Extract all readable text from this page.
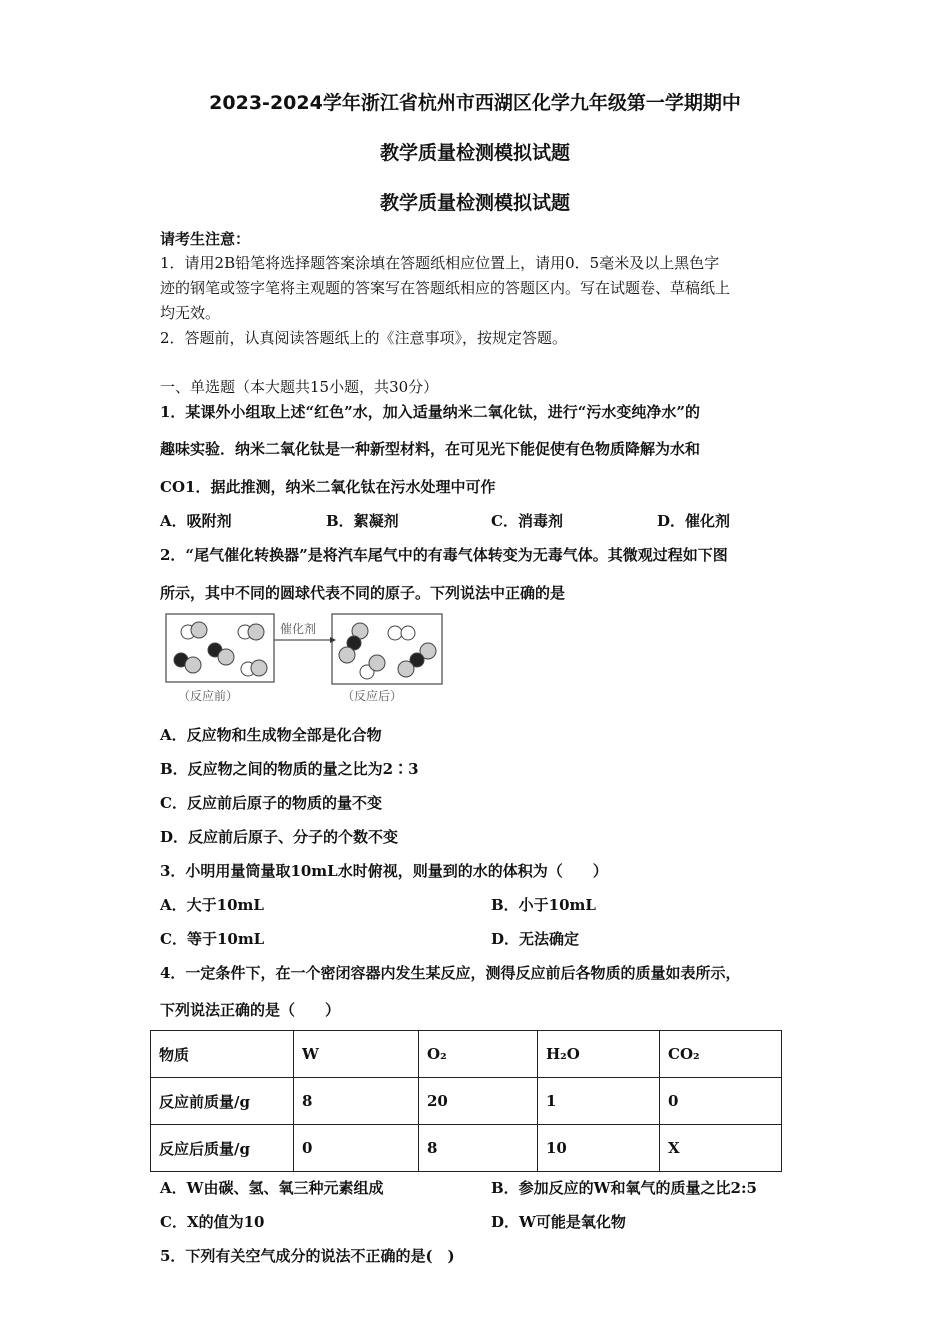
2023-2024学年浙江省杭州市西湖区化学九年级第一学期期中
教学质量检测模拟试题
教学质量检测模拟试题
请考生注意：
1．请用2B铅笔将选择题答案涂填在答题纸相应位置上，请用0．5毫米及以上黑色字
迹的钢笔或签字笔将主观题的答案写在答题纸相应的答题区内。写在试题卷、草稿纸上
均无效。
2．答题前，认真阅读答题纸上的《注意事项》，按规定答题。
一、单选题（本大题共15小题，共30分）
1．某课外小组取上述“红色”水，加入适量纳米二氧化钛，进行“污水变纯净水”的
趣味实验．纳米二氧化钛是一种新型材料，在可见光下能促使有色物质降解为水和
CO1．据此推测，纳米二氧化钛在污水处理中可作
A．吸附剂	B．絮凝剂	C．消毒剂	D．催化剂
2．“尾气催化转换器”是将汽车尾气中的有毒气体转变为无毒气体。其微观过程如下图
所示，其中不同的圆球代表不同的原子。下列说法中正确的是
催化剂
（反应前）	（反应后）
A．反应物和生成物全部是化合物
B．反应物之间的物质的量之比为2∶3
C．反应前后原子的物质的量不变
D．反应前后原子、分子的个数不变
3．小明用量筒量取10mL水时俯视，则量到的水的体积为（　　）
A．大于10mL	B．小于10mL
C．等于10mL	D．无法确定
4．一定条件下，在一个密闭容器内发生某反应，测得反应前后各物质的质量如表所示，
下列说法正确的是（　　）
物质	W	O₂	H₂O	CO₂
反应前质量/g	8	20	1	0
反应后质量/g	0	8	10	X
A．W由碳、氢、氧三种元素组成	B．参加反应的W和氧气的质量之比2:5
C．X的值为10	D．W可能是氧化物
5．下列有关空气成分的说法不正确的是(　)
